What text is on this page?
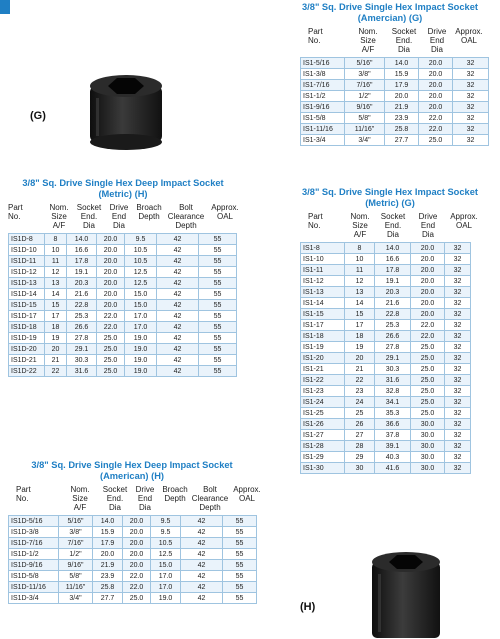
(G)
(H)
3/8" Sq. Drive Single Hex Impact Socket (Amercian) (G)
Part
No.
Nom.
Size
A/F
Socket
End.
Dia
Drive
End
Dia
Approx.
OAL
IS1-5/16	5/16"	14.0	20.0	32
IS1-3/8	3/8"	15.9	20.0	32
IS1-7/16	7/16"	17.9	20.0	32
IS1-1/2	1/2"	20.0	20.0	32
IS1-9/16	9/16"	21.9	20.0	32
IS1-5/8	5/8"	23.9	22.0	32
IS1-11/16	11/16"	25.8	22.0	32
IS1-3/4	3/4"	27.7	25.0	32
3/8" Sq. Drive Single Hex Deep Impact Socket (Metric) (H)
Part
No.
Nom.
Size
A/F
Socket
End.
Dia
Drive
End
Dia
Broach
Depth
Bolt
Clearance
Depth
Approx.
OAL
IS1D-8	8	14.0	20.0	9.5	42	55
IS1D-10	10	16.6	20.0	10.5	42	55
IS1D-11	11	17.8	20.0	10.5	42	55
IS1D-12	12	19.1	20.0	12.5	42	55
IS1D-13	13	20.3	20.0	12.5	42	55
IS1D-14	14	21.6	20.0	15.0	42	55
IS1D-15	15	22.8	20.0	15.0	42	55
IS1D-17	17	25.3	22.0	17.0	42	55
IS1D-18	18	26.6	22.0	17.0	42	55
IS1D-19	19	27.8	25.0	19.0	42	55
IS1D-20	20	29.1	25.0	19.0	42	55
IS1D-21	21	30.3	25.0	19.0	42	55
IS1D-22	22	31.6	25.0	19.0	42	55
3/8" Sq. Drive Single Hex Impact Socket (Metric) (G)
Part
No.
Nom.
Size
A/F
Socket
End.
Dia
Drive
End
Dia
Approx.
OAL
IS1-8	8	14.0	20.0	32
IS1-10	10	16.6	20.0	32
IS1-11	11	17.8	20.0	32
IS1-12	12	19.1	20.0	32
IS1-13	13	20.3	20.0	32
IS1-14	14	21.6	20.0	32
IS1-15	15	22.8	20.0	32
IS1-17	17	25.3	22.0	32
IS1-18	18	26.6	22.0	32
IS1-19	19	27.8	25.0	32
IS1-20	20	29.1	25.0	32
IS1-21	21	30.3	25.0	32
IS1-22	22	31.6	25.0	32
IS1-23	23	32.8	25.0	32
IS1-24	24	34.1	25.0	32
IS1-25	25	35.3	25.0	32
IS1-26	26	36.6	30.0	32
IS1-27	27	37.8	30.0	32
IS1-28	28	39.1	30.0	32
IS1-29	29	40.3	30.0	32
IS1-30	30	41.6	30.0	32
3/8" Sq. Drive Single Hex Deep Impact Socket (American) (H)
Part
No.
Nom.
Size
A/F
Socket
End.
Dia
Drive
End
Dia
Broach
Depth
Bolt
Clearance
Depth
Approx.
OAL
IS1D-5/16	5/16"	14.0	20.0	9.5	42	55
IS1D-3/8	3/8"	15.9	20.0	9.5	42	55
IS1D-7/16	7/16"	17.9	20.0	10.5	42	55
IS1D-1/2	1/2"	20.0	20.0	12.5	42	55
IS1D-9/16	9/16"	21.9	20.0	15.0	42	55
IS1D-5/8	5/8"	23.9	22.0	17.0	42	55
IS1D-11/16	11/16"	25.8	22.0	17.0	42	55
IS1D-3/4	3/4"	27.7	25.0	19.0	42	55
